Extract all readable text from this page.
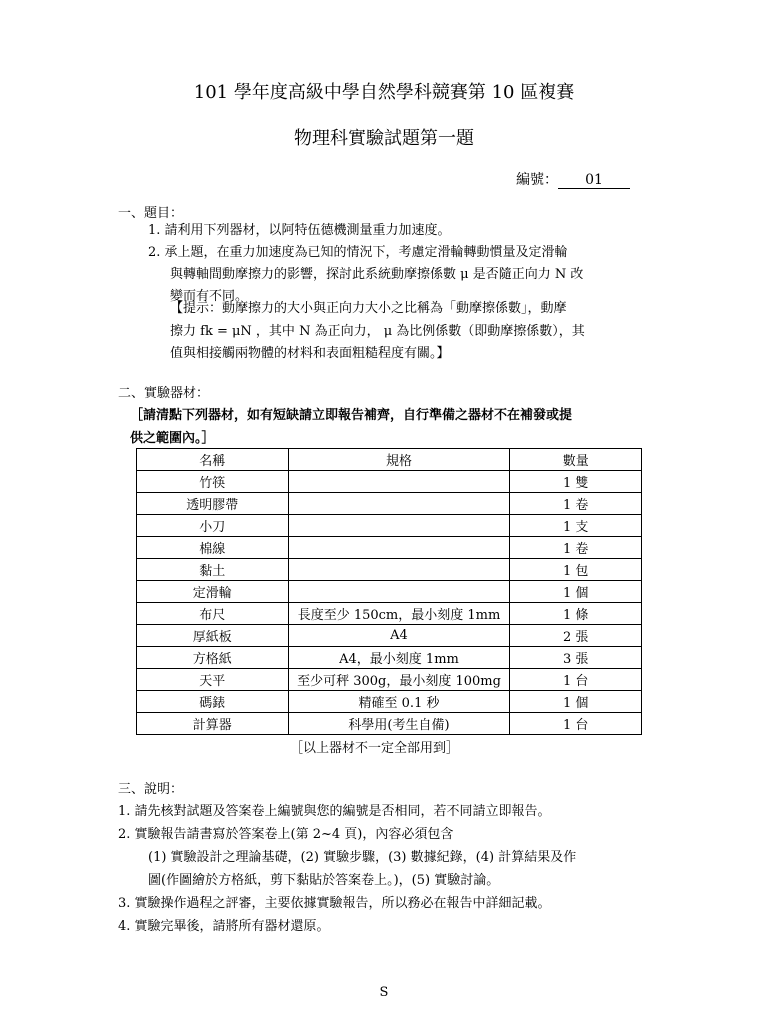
101 學年度高級中學自然學科競賽第 10 區複賽
物理科實驗試題第一題
編號： 01
一、題目：
1. 請利用下列器材，以阿特伍德機測量重力加速度。
2. 承上題，在重力加速度為已知的情況下，考慮定滑輪轉動慣量及定滑輪
與轉軸間動摩擦力的影響，探討此系統動摩擦係數 μ 是否隨正向力 N 改
變而有不同。
【提示：動摩擦力的大小與正向力大小之比稱為「動摩擦係數」，動摩
擦力 fk = μN ，其中 N 為正向力， μ 為比例係數（即動摩擦係數），其
值與相接觸兩物體的材料和表面粗糙程度有關。】
二、實驗器材：
［請清點下列器材，如有短缺請立即報告補齊，自行準備之器材不在補發或提
供之範圍內。］
名稱	規格	數量
竹筷		1 雙
透明膠帶		1 卷
小刀		1 支
棉線		1 卷
黏土		1 包
定滑輪		1 個
布尺	長度至少 150cm，最小刻度 1mm	1 條
厚紙板	A4	2 張
方格紙	A4，最小刻度 1mm	3 張
天平	至少可秤 300g，最小刻度 100mg	1 台
碼錶	精確至 0.1 秒	1 個
計算器	科學用(考生自備)	1 台
［以上器材不一定全部用到］
三、說明：
1. 請先核對試題及答案卷上編號與您的編號是否相同，若不同請立即報告。
2. 實驗報告請書寫於答案卷上(第 2~4 頁)，內容必須包含
(1) 實驗設計之理論基礎，(2) 實驗步驟，(3) 數據紀錄，(4) 計算結果及作
圖(作圖繪於方格紙，剪下黏貼於答案卷上。)，(5) 實驗討論。
3. 實驗操作過程之評審，主要依據實驗報告，所以務必在報告中詳細記載。
4. 實驗完畢後，請將所有器材還原。
S
